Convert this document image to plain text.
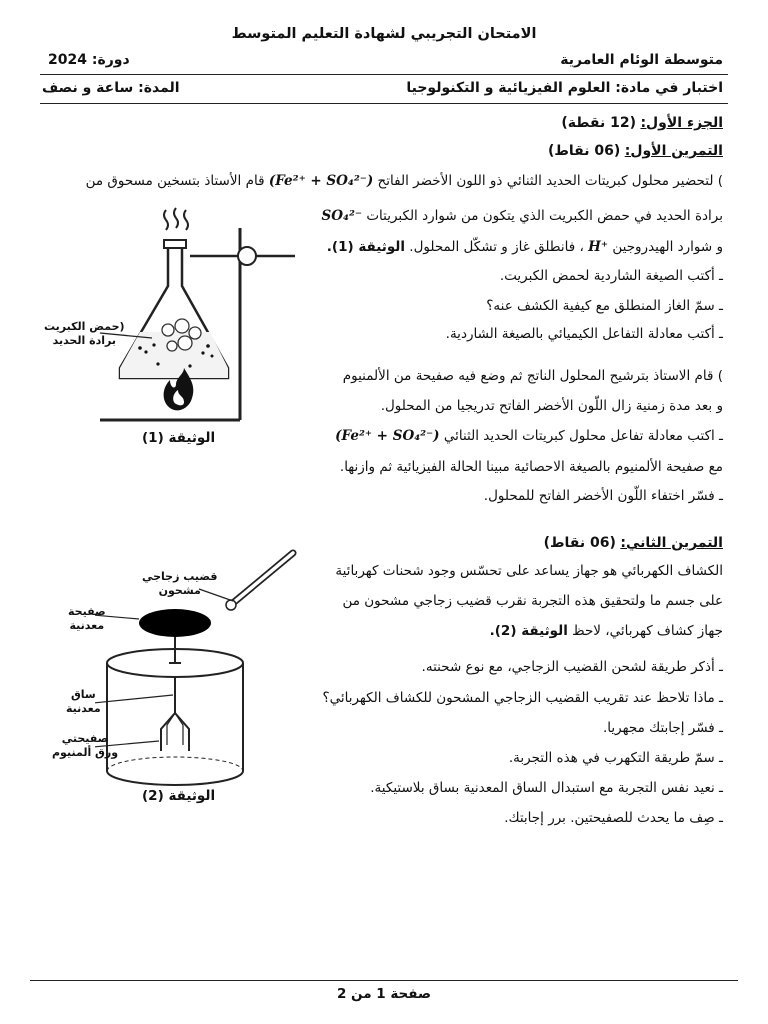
الامتحان التجريبي لشهادة التعليم المتوسط
متوسطة الوئام العامرية
دورة: 2024
اختبار في مادة: العلوم الفيزيائية و التكنولوجيا
المدة: ساعة و نصف
الجزء الأول: (12 نقطة)
التمرين الأول: (06 نقاط)
) لتحضير محلول كبريتات الحديد الثنائي ذو اللون الأخضر الفاتح (Fe²⁺ + SO₄²⁻) قام الأستاذ بتسخين مسحوق من
برادة الحديد في حمض الكبريت الذي يتكون من شوارد الكبريتات SO₄²⁻
و شوارد الهيدروجين H⁺ ، فانطلق غاز و تشكّل المحلول. الوثيقة (1).
ـ أكتب الصيغة الشاردية لحمض الكبريت.
ـ سمّ الغاز المنطلق مع كيفية الكشف عنه؟
ـ أكتب معادلة التفاعل الكيميائي بالصيغة الشاردية.
) قام الاستاذ بترشيح المحلول الناتج ثم وضع فيه صفيحة من الألمنيوم
و بعد مدة زمنية زال اللّون الأخضر الفاتح تدريجيا من المحلول.
ـ اكتب معادلة تفاعل محلول كبريتات الحديد الثنائي (Fe²⁺ + SO₄²⁻)
مع صفيحة الألمنيوم بالصيغة الاحصائية مبينا الحالة الفيزيائية ثم وازنها.
ـ فسّر اختفاء اللّون الأخضر الفاتح للمحلول.
(حمض الكبريت
برادة الحديد
الوثيقة (1)
التمرين الثاني: (06 نقاط)
الكشاف الكهربائي هو جهاز يساعد على تحسّس وجود شحنات كهربائية
على جسم ما ولتحقيق هذه التجربة نقرب قضيب زجاجي مشحون من
جهاز كشاف كهربائي، لاحظ الوثيقة (2).
ـ أذكر طريقة لشحن القضيب الزجاجي، مع نوع شحنته.
ـ ماذا تلاحظ عند تقريب القضيب الزجاجي المشحون للكشاف الكهربائي؟
ـ فسّر إجابتك مجهريا.
ـ سمّ طريقة التكهرب في هذه التجربة.
ـ نعيد نفس التجربة مع استبدال الساق المعدنية بساق بلاستيكية.
ـ صِف ما يحدث للصفيحتين. برر إجابتك.
قضيب زجاجي
مشحون
صفيحة
معدنية
ساق
معدنية
صفيحتي
ورق ألمنيوم
الوثيقة (2)
صفحة 1 من 2
